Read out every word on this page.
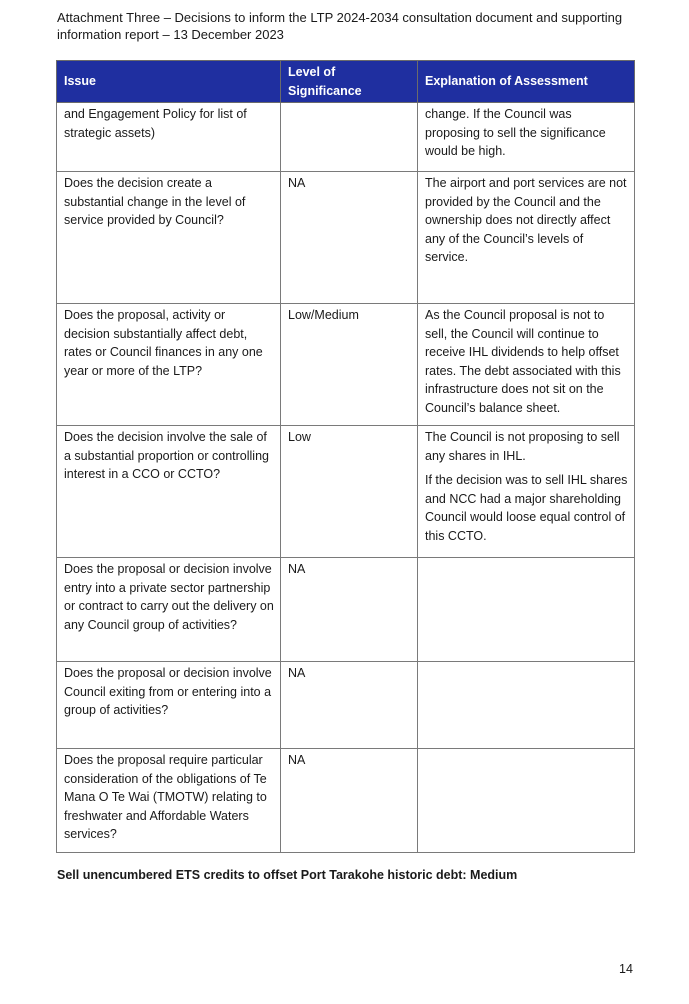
Attachment Three – Decisions to inform the LTP 2024-2034 consultation document and supporting
information report – 13 December 2023
Issue	Level of Significance	Explanation of Assessment
and Engagement Policy for list of strategic assets)		change. If the Council was proposing to sell the significance would be high.

Does the decision create a substantial change in the level of service provided by Council?	NA	The airport and port services are not provided by the Council and the ownership does not directly affect any of the Council’s levels of service.

Does the proposal, activity or decision substantially affect debt, rates or Council finances in any one year or more of the LTP?	Low/Medium	As the Council proposal is not to sell, the Council will continue to receive IHL dividends to help offset rates. The debt associated with this infrastructure does not sit on the Council’s balance sheet.

Does the decision involve the sale of a substantial proportion or controlling interest in a CCO or CCTO?	Low	The Council is not proposing to sell any shares in IHL.

If the decision was to sell IHL shares and NCC had a major shareholding Council would loose equal control of this CCTO.

Does the proposal or decision involve entry into a private sector partnership or contract to carry out the delivery on any Council group of activities?	NA	

Does the proposal or decision involve Council exiting from or entering into a group of activities?	NA	

Does the proposal require particular consideration of the obligations of Te Mana O Te Wai (TMOTW) relating to freshwater and Affordable Waters services?	NA	

Sell unencumbered ETS credits to offset Port Tarakohe historic debt: Medium
14
